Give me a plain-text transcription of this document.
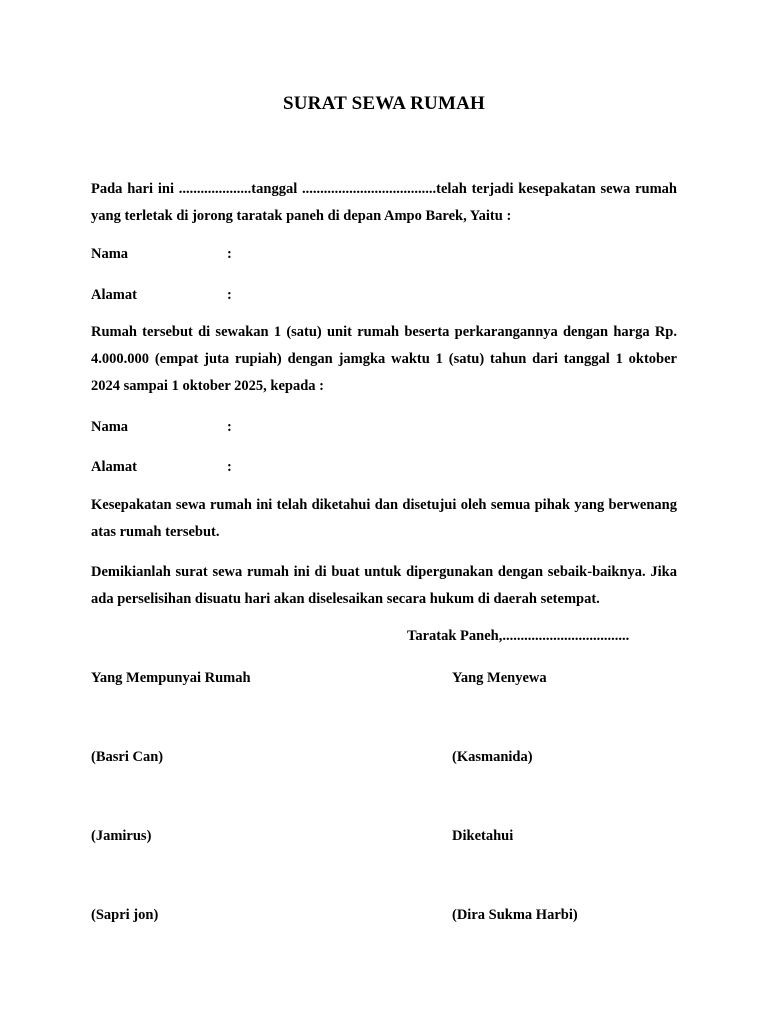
SURAT SEWA RUMAH
Pada hari ini ....................tanggal .....................................telah terjadi kesepakatan sewa rumah yang terletak di jorong taratak paneh di depan Ampo Barek, Yaitu :
Nama	:
Alamat	:
Rumah tersebut di sewakan 1 (satu) unit rumah beserta perkarangannya dengan harga Rp. 4.000.000 (empat juta rupiah) dengan jamgka waktu 1 (satu) tahun dari tanggal 1 oktober 2024 sampai 1 oktober 2025, kepada :
Nama	:
Alamat	:
Kesepakatan sewa rumah ini telah diketahui dan disetujui oleh semua pihak yang berwenang atas rumah tersebut.
Demikianlah surat sewa rumah ini di buat untuk dipergunakan dengan sebaik-baiknya. Jika ada perselisihan disuatu hari akan diselesaikan secara hukum di daerah setempat.
Taratak Paneh,...................................
Yang Mempunyai Rumah	Yang Menyewa
(Basri Can)	(Kasmanida)
(Jamirus)	Diketahui
(Sapri jon)	(Dira Sukma Harbi)
